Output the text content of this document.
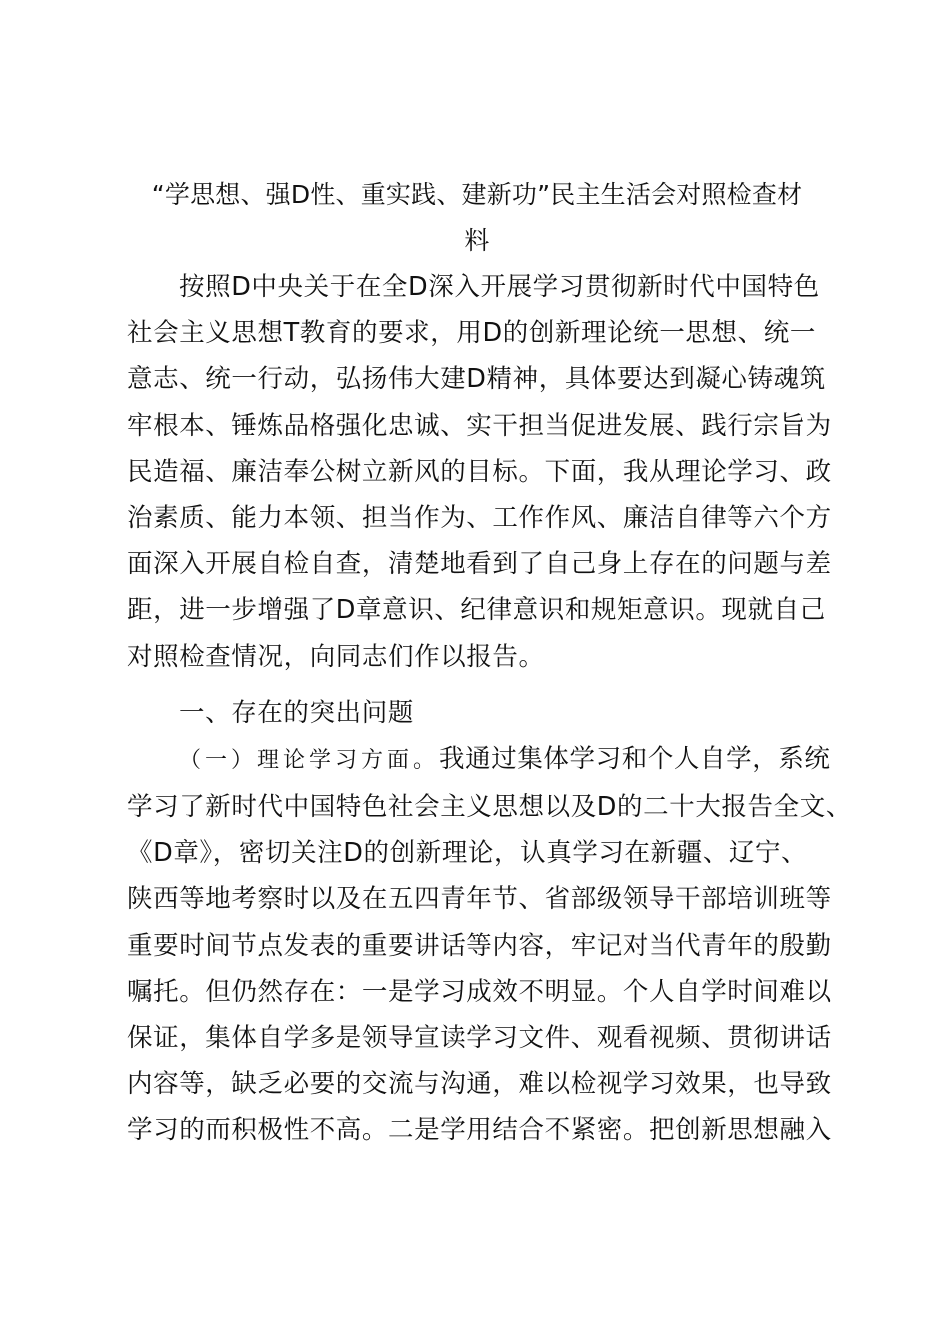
“学思想、强D性、重实践、建新功”民主生活会对照检查材
料
按照D中央关于在全D深入开展学习贯彻新时代中国特色
社会主义思想T教育的要求，用D的创新理论统一思想、统一
意志、统一行动，弘扬伟大建D精神，具体要达到凝心铸魂筑
牢根本、锤炼品格强化忠诚、实干担当促进发展、践行宗旨为
民造福、廉洁奉公树立新风的目标。下面，我从理论学习、政
治素质、能力本领、担当作为、工作作风、廉洁自律等六个方
面深入开展自检自查，清楚地看到了自己身上存在的问题与差
距，进一步增强了D章意识、纪律意识和规矩意识。现就自己
对照检查情况，向同志们作以报告。
一、存在的突出问题
（一）理论学习方面。我通过集体学习和个人自学，系统
学习了新时代中国特色社会主义思想以及D的二十大报告全文、
《D章》，密切关注D的创新理论，认真学习在新疆、辽宁、
陕西等地考察时以及在五四青年节、省部级领导干部培训班等
重要时间节点发表的重要讲话等内容，牢记对当代青年的殷勤
嘱托。但仍然存在：一是学习成效不明显。个人自学时间难以
保证，集体自学多是领导宣读学习文件、观看视频、贯彻讲话
内容等，缺乏必要的交流与沟通，难以检视学习效果，也导致
学习的而积极性不高。二是学用结合不紧密。把创新思想融入
